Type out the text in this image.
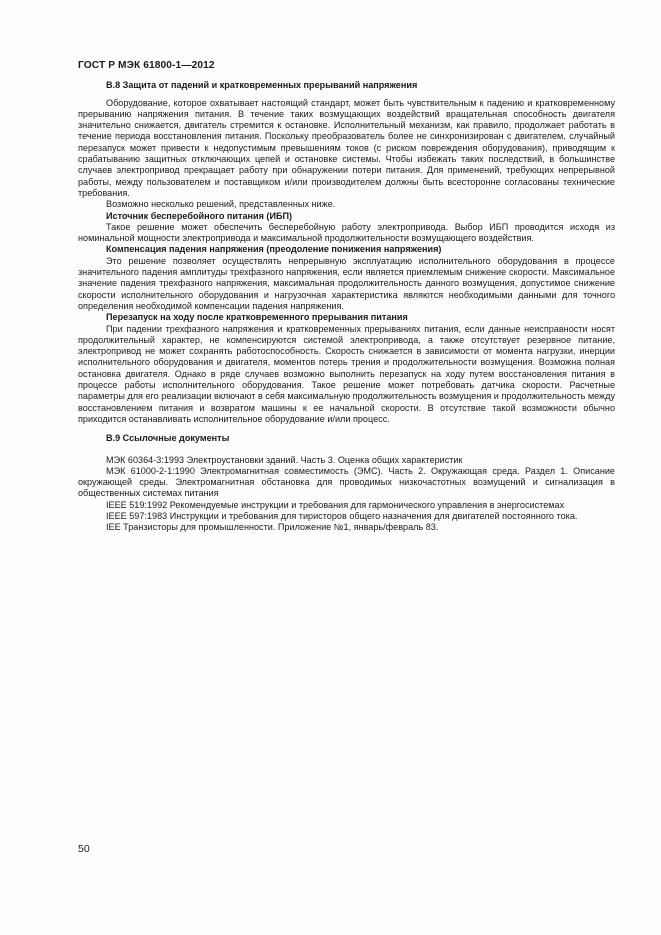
ГОСТ Р МЭК 61800-1—2012
В.8 Защита от падений и кратковременных прерываний напряжения

Оборудование, которое охватывает настоящий стандарт, может быть чувствительным к падению и кратковременному прерыванию напряжения питания. В течение таких возмущающих воздействий вращательная способность двигателя значительно снижается, двигатель стремится к остановке. Исполнительный механизм, как правило, продолжает работать в течение периода восстановления питания. Поскольку преобразователь более не синхронизирован с двигателем, случайный перезапуск может привести к недопустимым превышениям токов (с риском повреждения оборудования), приводящим к срабатыванию защитных отключающих цепей и остановке системы. Чтобы избежать таких последствий, в большинстве случаев электропривод прекращает работу при обнаружении потери питания. Для применений, требующих непрерывной работы, между пользователем и поставщиком и/или производителем должны быть всесторонне согласованы технические требования.

Возможно несколько решений, представленных ниже.

Источник бесперебойного питания (ИБП)

Такое решение может обеспечить бесперебойную работу электропривода. Выбор ИБП проводится исходя из номинальной мощности электропривода и максимальной продолжительности возмущающего воздействия.

Компенсация падения напряжения (преодоление понижения напряжения)

Это решение позволяет осуществлять непрерывную эксплуатацию исполнительного оборудования в процессе значительного падения амплитуды трехфазного напряжения, если является приемлемым снижение скорости. Максимальное значение падения трехфазного напряжения, максимальная продолжительность данного возмущения, допустимое снижение скорости исполнительного оборудования и нагрузочная характеристика являются необходимыми данными для точного определения необходимой компенсации падения напряжения.

Перезапуск на ходу после кратковременного прерывания питания

При падении трехфазного напряжения и кратковременных прерываниях питания, если данные неисправности носят продолжительный характер, не компенсируются системой электропривода, а также отсутствует резервное питание, электропривод не может сохранять работоспособность. Скорость снижается в зависимости от момента нагрузки, инерции исполнительного оборудования и двигателя, моментов потерь трения и продолжительности возмущения. Возможна полная остановка двигателя. Однако в ряде случаев возможно выполнить перезапуск на ходу путем восстановления питания в процессе работы исполнительного оборудования. Такое решение может потребовать датчика скорости. Расчетные параметры для его реализации включают в себя максимальную продолжительность возмущения и продолжительность между восстановлением питания и возвратом машины к ее начальной скорости. В отсутствие такой возможности обычно приходится останавливать исполнительное оборудование и/или процесс.

В.9 Ссылочные документы

МЭК 60364-3:1993 Электроустановки зданий. Часть 3. Оценка общих характеристик

МЭК 61000-2-1:1990 Электромагнитная совместимость (ЭМС). Часть 2. Окружающая среда. Раздел 1. Описание окружающей среды. Электромагнитная обстановка для проводимых низкочастотных возмущений и сигнализация в общественных системах питания

IEEE 519:1992 Рекомендуемые инструкции и требования для гармонического управления в энергосистемах

IEEE 597:1983 Инструкции и требования для тиристоров общего назначения для двигателей постоянного тока.

IEE Транзисторы для промышленности. Приложение №1, январь/февраль 83.

50
